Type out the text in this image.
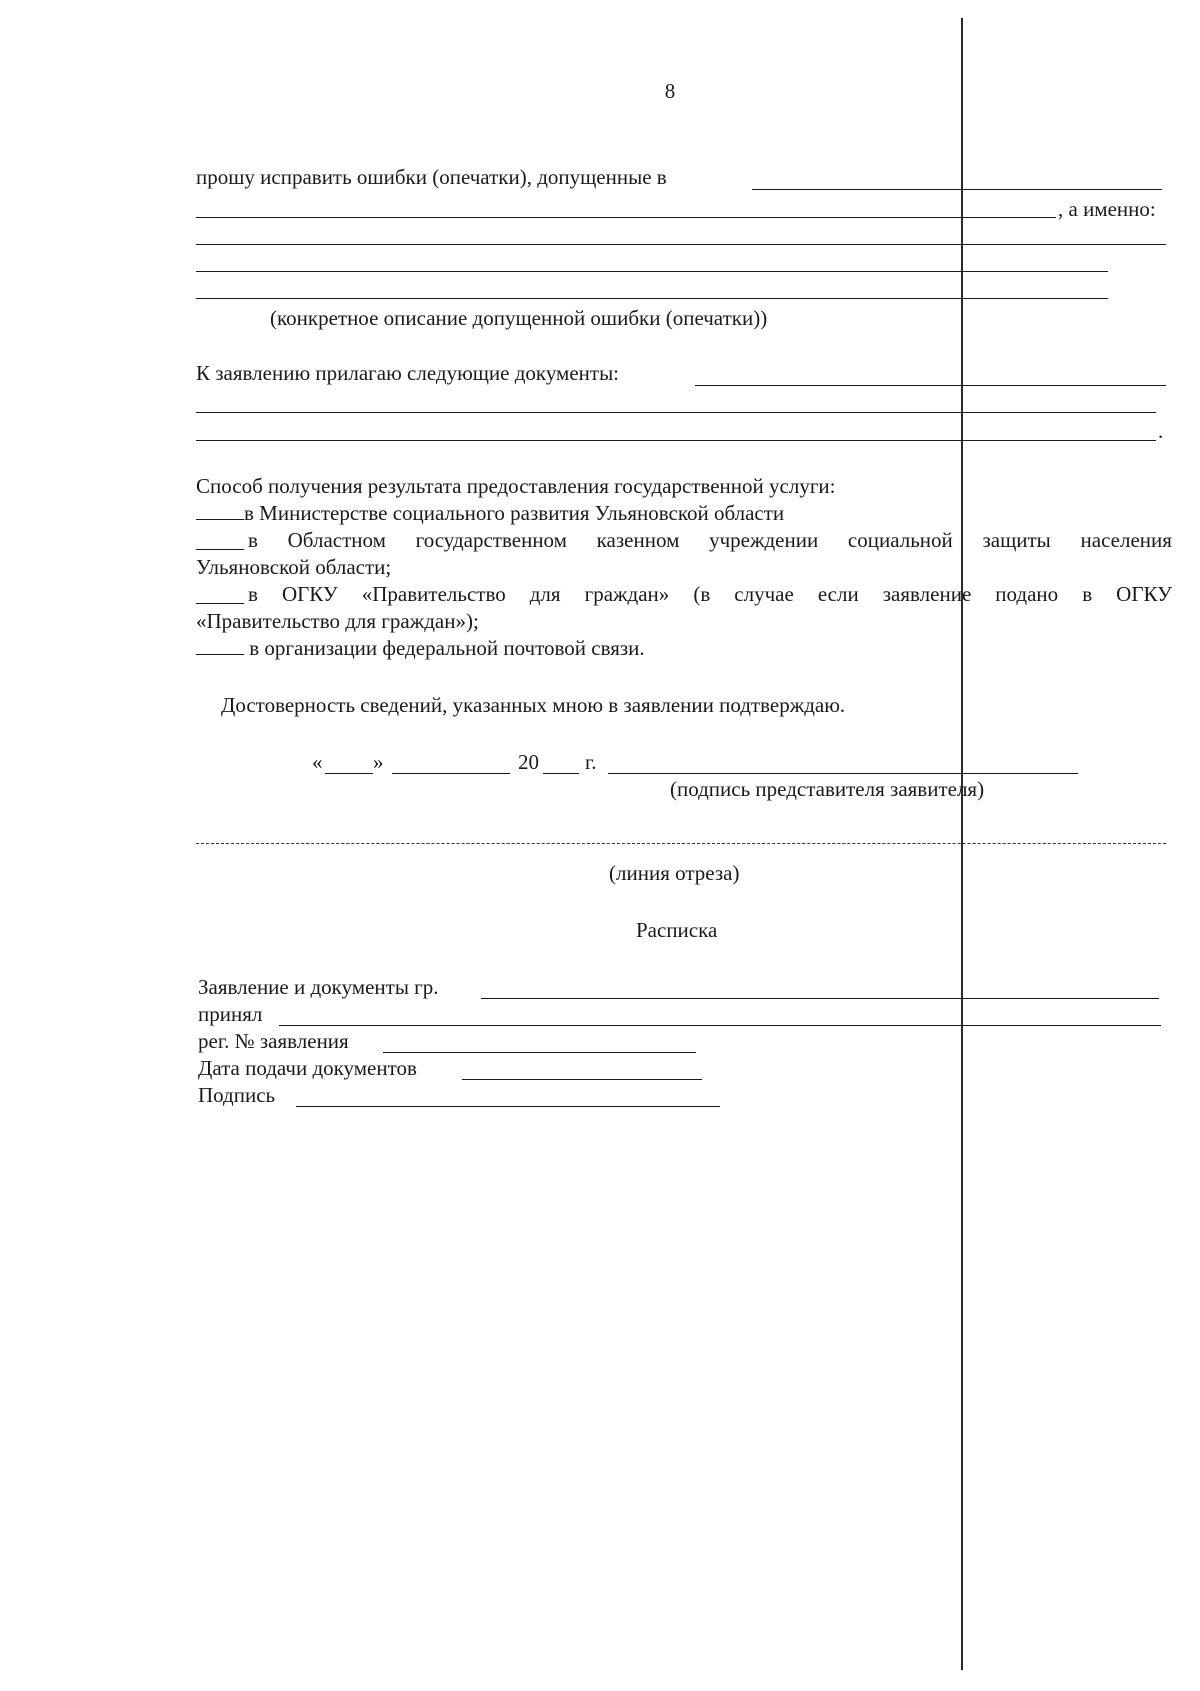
8
прошу исправить ошибки (опечатки), допущенные в
, а именно:
(конкретное описание допущенной ошибки (опечатки))
К заявлению прилагаю следующие документы:
.
Способ получения результата предоставления государственной услуги:
в Министерстве социального развития Ульяновской области
в Областном государственном казенном учреждении социальной защиты населения
Ульяновской области;
в ОГКУ «Правительство для граждан» (в случае если заявление подано в ОГКУ
«Правительство для граждан»);
в организации федеральной почтовой связи.
Достоверность сведений, указанных мною в заявлении подтверждаю.
« »	20 г.
(подпись представителя заявителя)
(линия отреза)
Расписка
Заявление и документы гр.
принял
рег. № заявления
Дата подачи документов
Подпись
